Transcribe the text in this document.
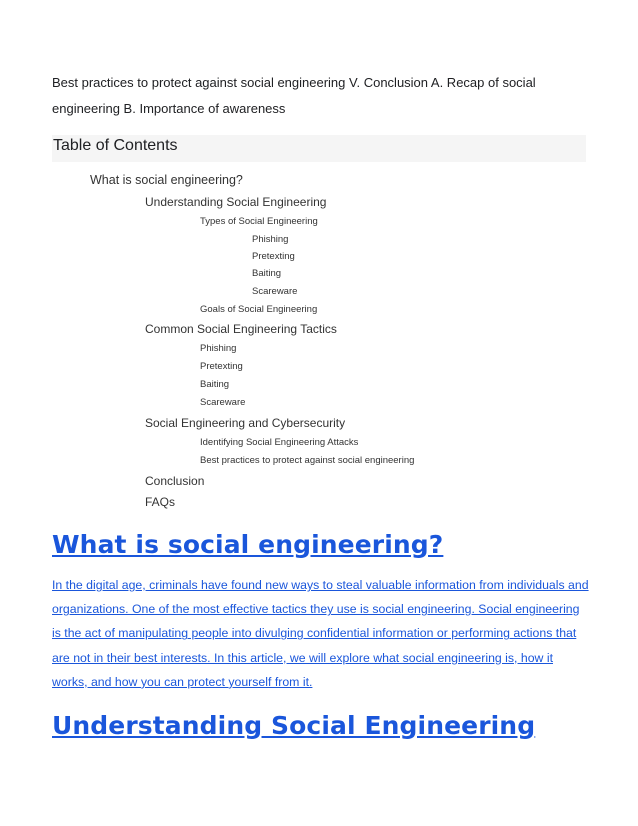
Best practices to protect against social engineering V. Conclusion A. Recap of social engineering B. Importance of awareness

Table of Contents
What is social engineering?
Understanding Social Engineering
Types of Social Engineering
Phishing
Pretexting
Baiting
Scareware
Goals of Social Engineering
Common Social Engineering Tactics
Phishing
Pretexting
Baiting
Scareware
Social Engineering and Cybersecurity
Identifying Social Engineering Attacks
Best practices to protect against social engineering
Conclusion
FAQs
What is social engineering?

In the digital age, criminals have found new ways to steal valuable information from individuals and organizations. One of the most effective tactics they use is social engineering. Social engineering is the act of manipulating people into divulging confidential information or performing actions that are not in their best interests. In this article, we will explore what social engineering is, how it works, and how you can protect yourself from it.

Understanding Social Engineering
